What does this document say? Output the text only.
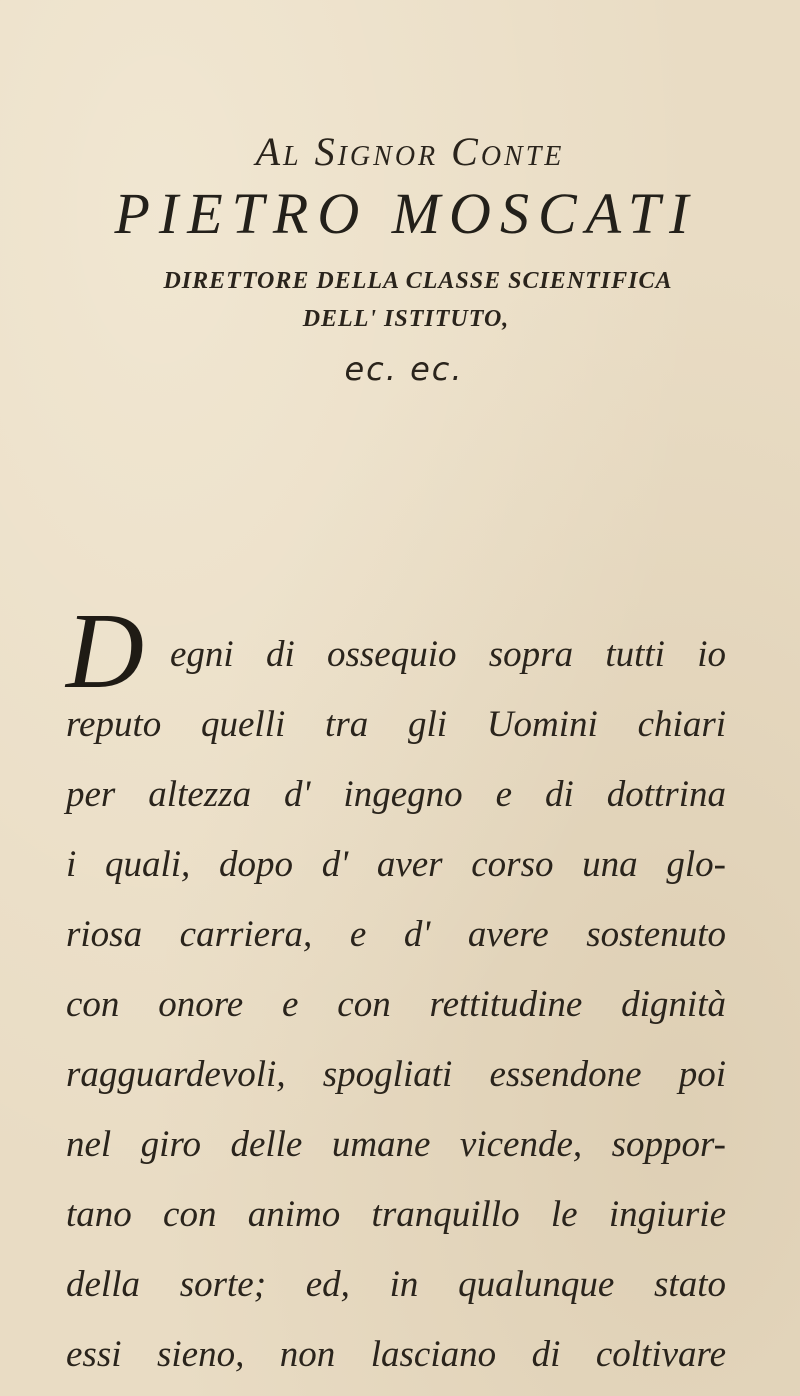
Al Signor Conte
PIETRO MOSCATI
DIRETTORE DELLA CLASSE SCIENTIFICA
DELL' ISTITUTO,
ec. ec.
D egni di ossequio sopra tutti io
reputo quelli tra gli Uomini chiari
per altezza d' ingegno e di dottrina
i quali, dopo d' aver corso una glo-
riosa carriera, e d' avere sostenuto
con onore e con rettitudine dignità
ragguardevoli, spogliati essendone poi
nel giro delle umane vicende, soppor-
tano con animo tranquillo le ingiurie
della sorte; ed, in qualunque stato
essi sieno, non lasciano di coltivare
